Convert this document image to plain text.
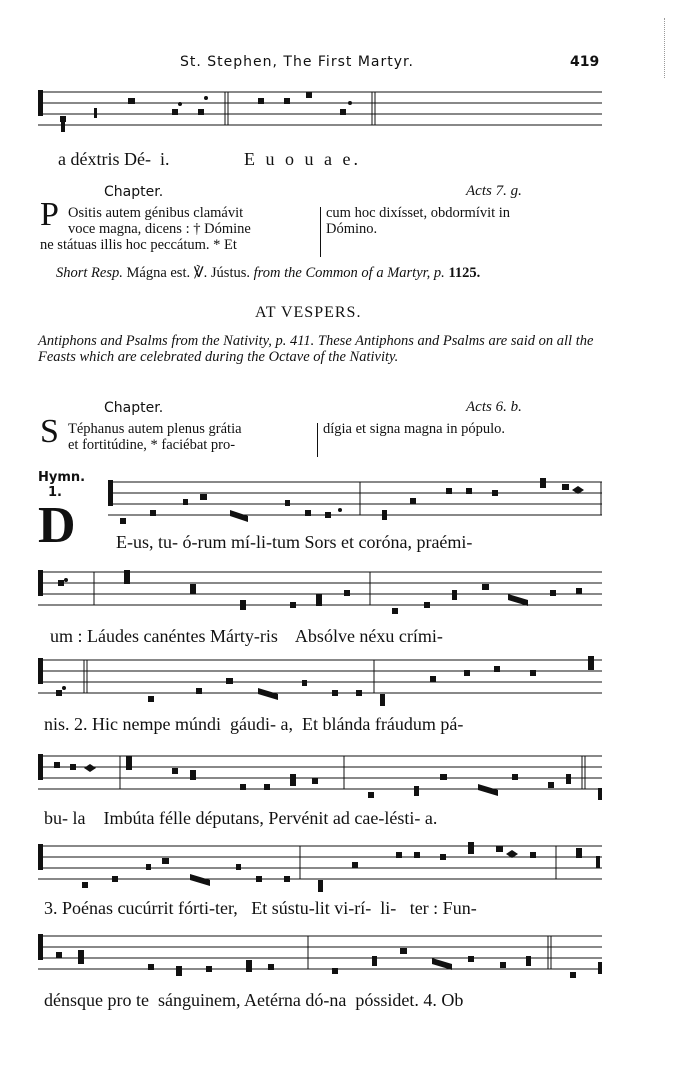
St. Stephen, The First Martyr.	419
a déxtris Dé-  i.	E u o u a e.
Chapter.	Acts 7. g.
P Ositis autem génibus clamávit
voce magna, dicens : † Dómine
ne státuas illis hoc peccátum. * Et
cum hoc dixísset, obdormívit in
Dómino.
Short Resp. Mágna est. ℣. Jústus. from the Common of a Martyr, p. 1125.
AT VESPERS.
Antiphons and Psalms from the Nativity, p. 411. These Antiphons and Psalms are said on all the Feasts which are celebrated during the Octave of the Nativity.
Chapter.	Acts 6. b.
S Téphanus autem plenus grátia
et fortitúdine, * faciébat pro-
dígia et signa magna in pópulo.
Hymn.
1.
D E-us, tu- ó-rum mí-li-tum Sors et coróna, praémi-
um : Láudes canéntes Márty-ris    Absólve néxu crími-
nis. 2. Hic nempe múndi  gáudi- a,  Et blánda fráudum pá-
bu- la    Imbúta félle députans, Pervénit ad cae-lésti- a.
3. Poénas cucúrrit fórti-ter,   Et sústu-lit vi-rí-  li-   ter : Fun-
dénsque pro te  sánguinem, Aetérna dó-na  póssidet. 4. Ob
